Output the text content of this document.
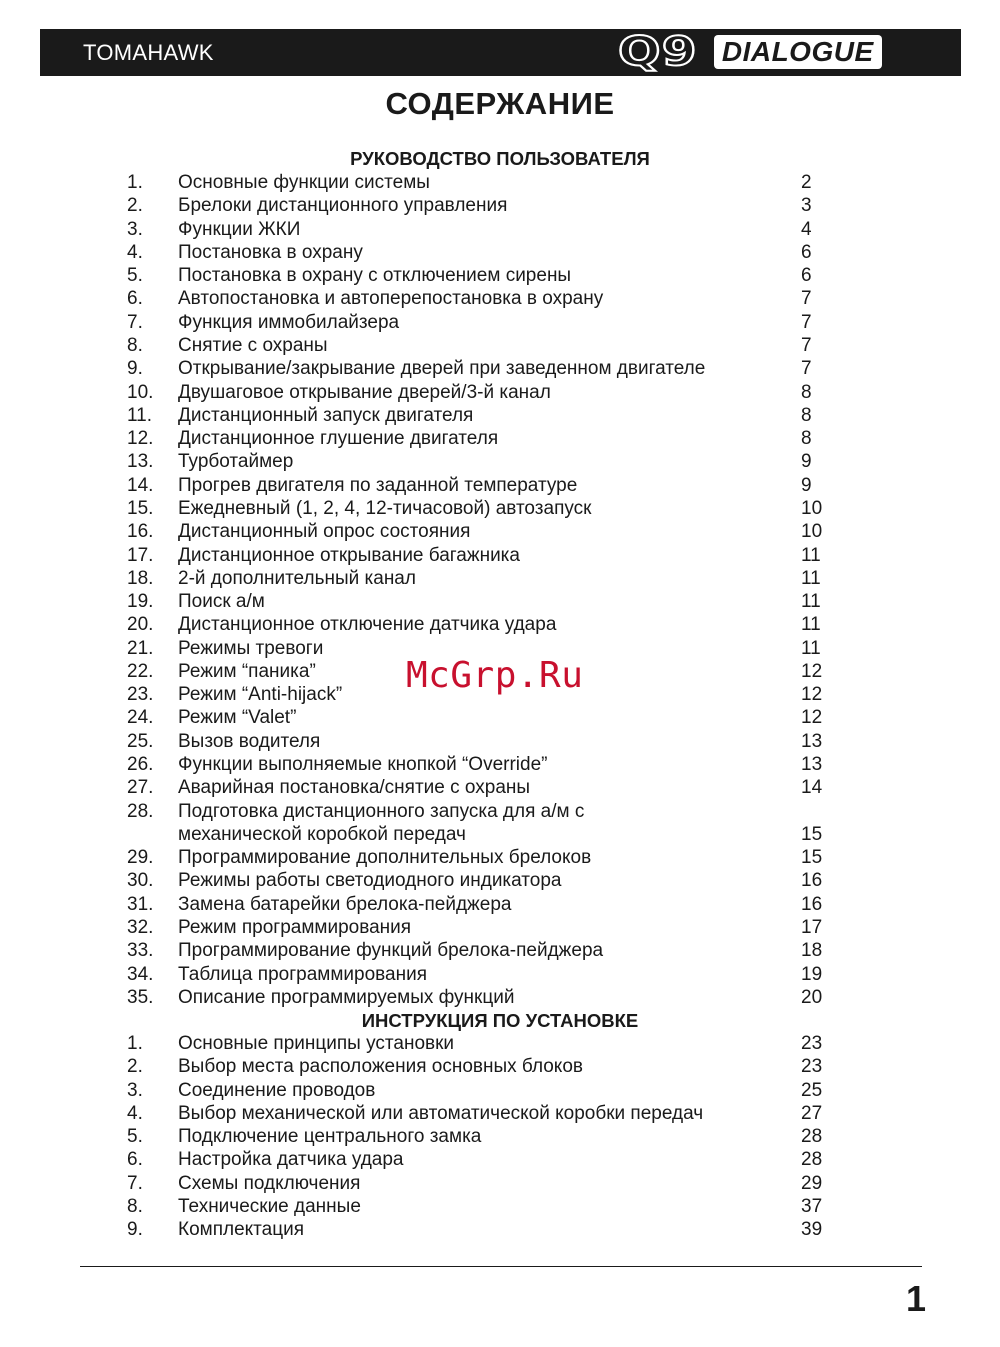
TOMAHAWK	Q9 DIALOGUE
СОДЕРЖАНИЕ
РУКОВОДСТВО ПОЛЬЗОВАТЕЛЯ
ИНСТРУКЦИЯ ПО УСТАНОВКЕ
1. Основные функции системы	2
2. Брелоки дистанционного управления	3
3. Функции ЖКИ	4
4. Постановка в охрану	6
5. Постановка в охрану с отключением сирены	6
6. Автопостановка и автоперепостановка в охрану	7
7. Функция иммобилайзера	7
8. Снятие с охраны	7
9. Открывание/закрывание дверей при заведенном двигателе	7
10. Двушаговое открывание дверей/3-й канал	8
11. Дистанционный запуск двигателя	8
12. Дистанционное глушение двигателя	8
13. Турботаймер	9
14. Прогрев двигателя по заданной температуре	9
15. Ежедневный (1, 2, 4, 12-тичасовой) автозапуск	10
16. Дистанционный опрос состояния	10
17. Дистанционное открывание багажника	11
18. 2-й дополнительный канал	11
19. Поиск а/м	11
20. Дистанционное отключение датчика удара	11
21. Режимы тревоги	11
22. Режим “паника”	12
23. Режим “Anti-hijack”	12
24. Режим “Valet”	12
25. Вызов водителя	13
26. Функции выполняемые кнопкой “Override”	13
27. Аварийная постановка/снятие с охраны	14
28. Подготовка дистанционного запуска для а/м с
механической коробкой передач	15
29. Программирование дополнительных брелоков	15
30. Режимы работы светодиодного индикатора	16
31. Замена батарейки брелока-пейджера	16
32. Режим программирования	17
33. Программирование функций брелока-пейджера	18
34. Таблица программирования	19
35. Описание программируемых функций	20
1. Основные принципы установки	23
2. Выбор места расположения основных блоков	23
3. Соединение проводов	25
4. Выбор механической или автоматической коробки передач	27
5. Подключение центрального замка	28
6. Настройка датчика удара	28
7. Схемы подключения	29
8. Технические данные	37
9. Комплектация	39
McGrp.Ru
1
